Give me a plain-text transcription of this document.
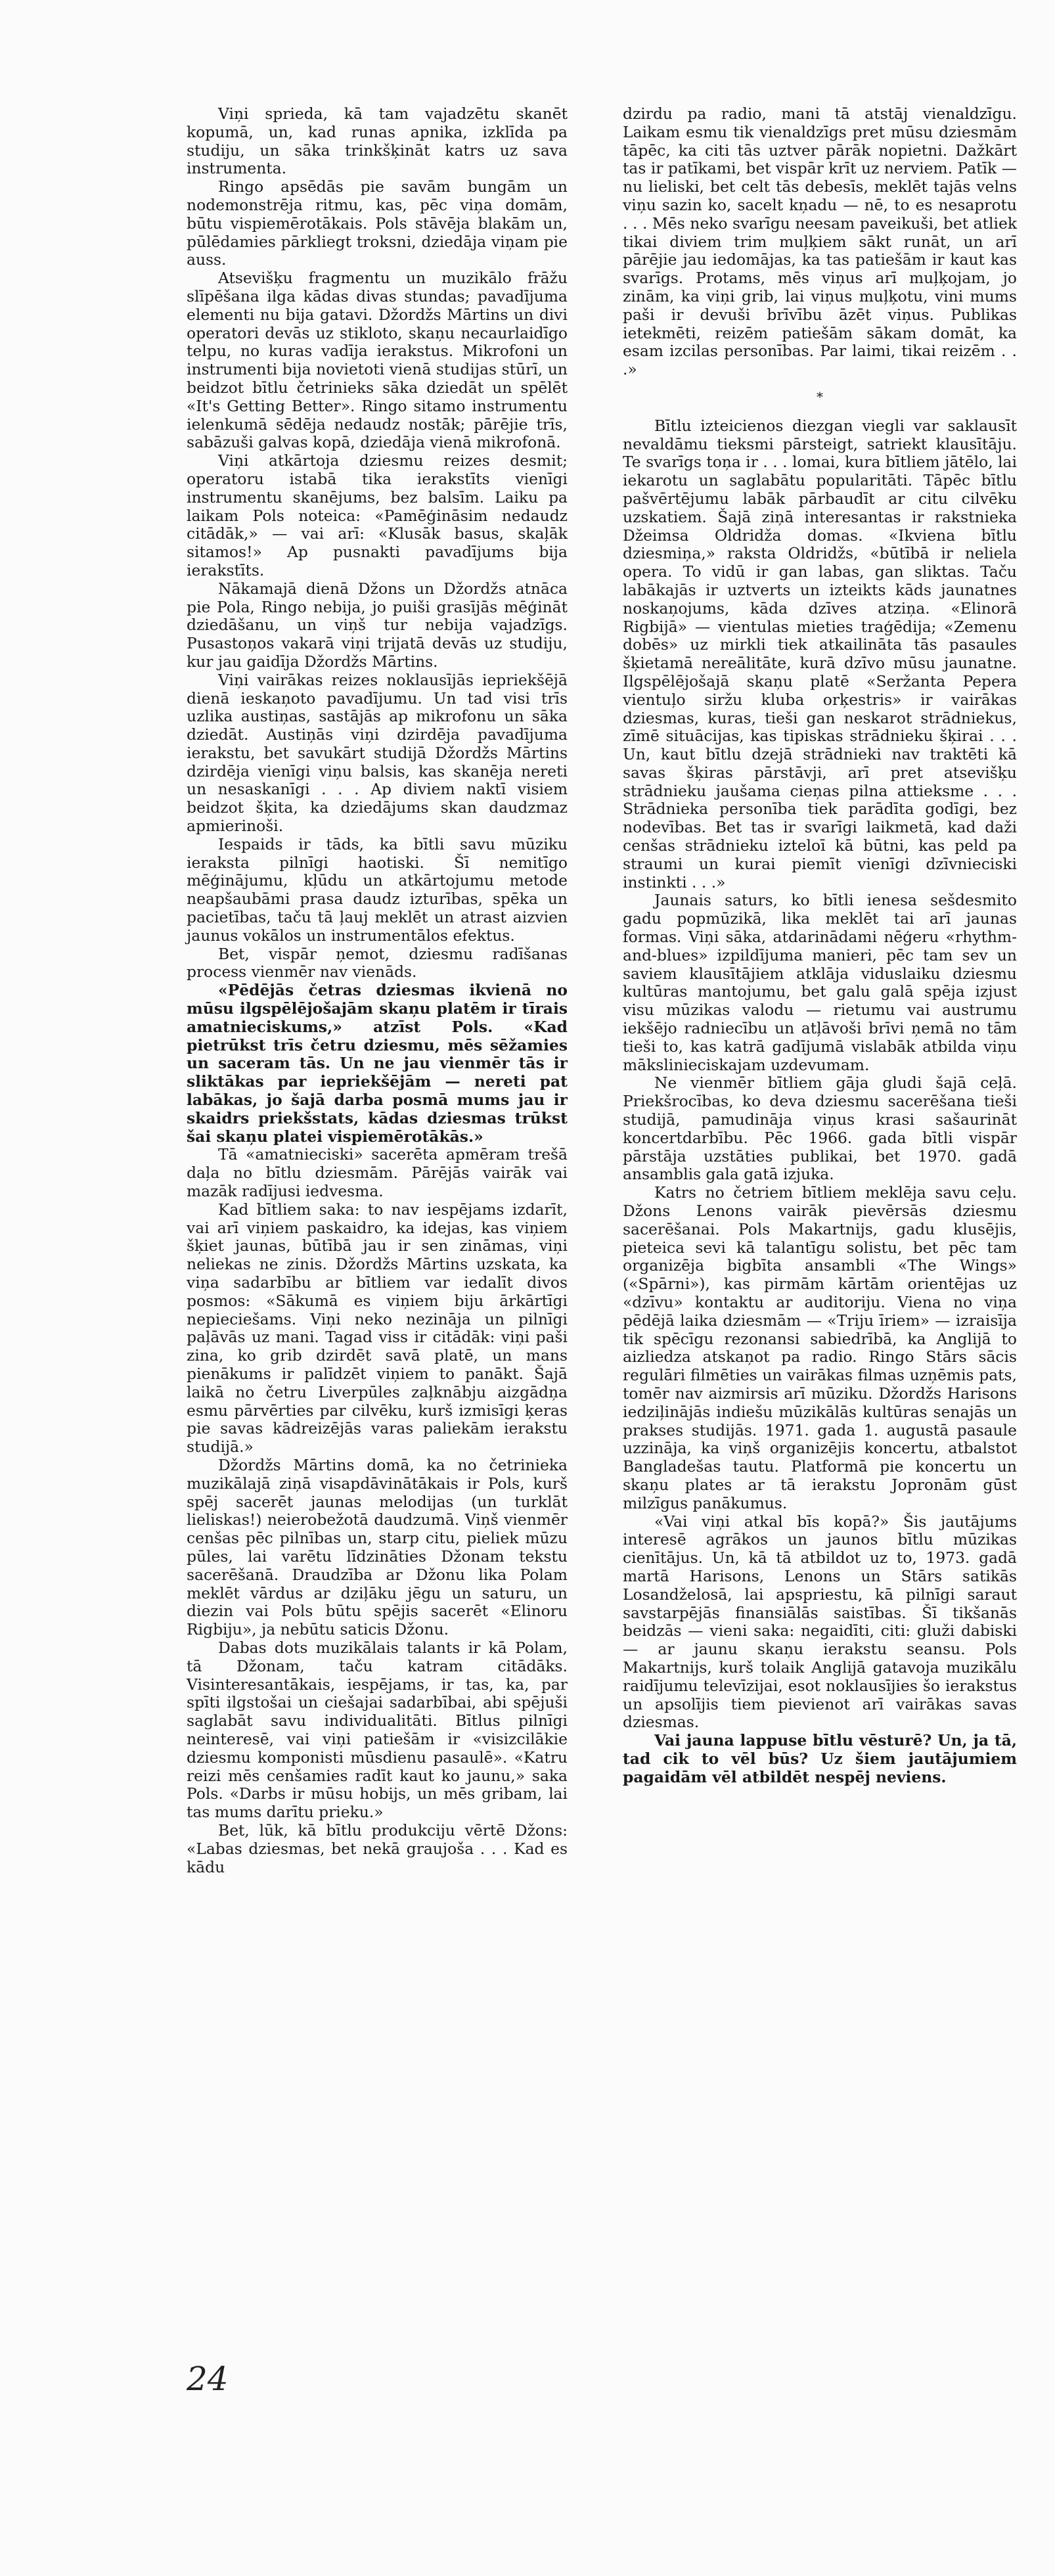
Viņi sprieda, kā tam vajadzētu skanēt kopumā, un, kad runas apnika, izklīda pa studiju, un sāka trinkšķināt katrs uz sava instrumenta.

Ringo apsēdās pie savām bungām un nodemonstrēja ritmu, kas, pēc viņa domām, būtu vispiemērotākais. Pols stāvēja blakām un, pūlēdamies pārkliegt troksni, dziedāja viņam pie auss.

Atsevišķu fragmentu un muzikālo frāžu slīpēšana ilga kādas divas stundas; pavadījuma elementi nu bija gatavi. Džordžs Mārtins un divi operatori devās uz stikloto, skaņu necaurlaidīgo telpu, no kuras vadīja ierakstus. Mikrofoni un instrumenti bija novietoti vienā studijas stūrī, un beidzot bītlu četrinieks sāka dziedāt un spēlēt «It's Getting Better». Ringo sitamo instrumentu ielenkumā sēdēja nedaudz nostāk; pārējie trīs, sabāzuši galvas kopā, dziedāja vienā mikrofonā.

Viņi atkārtoja dziesmu reizes desmit; operatoru istabā tika ierakstīts vienīgi instrumentu skanējums, bez balsīm. Laiku pa laikam Pols noteica: «Pamēģināsim nedaudz citādāk,» — vai arī: «Klusāk basus, skaļāk sitamos!» Ap pusnakti pavadījums bija ierakstīts.

Nākamajā dienā Džons un Džordžs atnāca pie Pola, Ringo nebija, jo puiši grasījās mēģināt dziedāšanu, un viņš tur nebija vajadzīgs. Pusastoņos vakarā viņi trijatā devās uz studiju, kur jau gaidīja Džordžs Mārtins.

Viņi vairākas reizes noklausījās iepriekšējā dienā ieskaņoto pavadījumu. Un tad visi trīs uzlika austiņas, sastājās ap mikrofonu un sāka dziedāt. Austiņās viņi dzirdēja pavadījuma ierakstu, bet savukārt studijā Džordžs Mārtins dzirdēja vienīgi viņu balsis, kas skanēja nereti un nesaskanīgi . . . Ap diviem naktī visiem beidzot šķita, ka dziedājums skan daudzmaz apmierinoši.

Iespaids ir tāds, ka bītli savu mūziku ieraksta pilnīgi haotiski. Šī nemitīgo mēģinājumu, kļūdu un atkārtojumu metode neapšaubāmi prasa daudz izturības, spēka un pacietības, taču tā ļauj meklēt un atrast aizvien jaunus vokālos un instrumentālos efektus.

Bet, vispār ņemot, dziesmu radīšanas process vienmēr nav vienāds.

«Pēdējās četras dziesmas ikvienā no mūsu ilgspēlējošajām skaņu platēm ir tīrais amatnieciskums,» atzīst Pols. «Kad pietrūkst trīs četru dziesmu, mēs sēžamies un saceram tās. Un ne jau vienmēr tās ir sliktākas par iepriekšējām — nereti pat labākas, jo šajā darba posmā mums jau ir skaidrs priekšstats, kādas dziesmas trūkst šai skaņu platei vispiemērotākās.»

Tā «amatnieciski» sacerēta apmēram trešā daļa no bītlu dziesmām. Pārējās vairāk vai mazāk radījusi iedvesma.

Kad bītliem saka: to nav iespējams izdarīt, vai arī viņiem paskaidro, ka idejas, kas viņiem šķiet jaunas, būtībā jau ir sen zināmas, viņi neliekas ne zinis. Džordžs Mārtins uzskata, ka viņa sadarbību ar bītliem var iedalīt divos posmos: «Sākumā es viņiem biju ārkārtīgi nepieciešams. Viņi neko nezināja un pilnīgi paļāvās uz mani. Tagad viss ir citādāk: viņi paši zina, ko grib dzirdēt savā platē, un mans pienākums ir palīdzēt viņiem to panākt. Šajā laikā no četru Liverpūles zaļknābju aizgādņa esmu pārvērties par cilvēku, kurš izmisīgi ķeras pie savas kādreizējās varas paliekām ierakstu studijā.»

Džordžs Mārtins domā, ka no četrinieka muzikālajā ziņā visapdāvinātākais ir Pols, kurš spēj sacerēt jaunas melodijas (un turklāt lieliskas!) neierobežotā daudzumā. Viņš vienmēr cenšas pēc pilnības un, starp citu, pieliek mūzu pūles, lai varētu līdzināties Džonam tekstu sacerēšanā. Draudzība ar Džonu lika Polam meklēt vārdus ar dziļāku jēgu un saturu, un diezin vai Pols būtu spējis sacerēt «Elinoru Rigbiju», ja nebūtu saticis Džonu.

Dabas dots muzikālais talants ir kā Polam, tā Džonam, taču katram citādāks. Visinteresantākais, iespējams, ir tas, ka, par spīti ilgstošai un ciešajai sadarbībai, abi spējuši saglabāt savu individualitāti. Bītlus pilnīgi neinteresē, vai viņi patiešām ir «visizcilākie dziesmu komponisti mūsdienu pasaulē». «Katru reizi mēs cenšamies radīt kaut ko jaunu,» saka Pols. «Darbs ir mūsu hobijs, un mēs gribam, lai tas mums darītu prieku.»

Bet, lūk, kā bītlu produkciju vērtē Džons: «Labas dziesmas, bet nekā graujoša . . . Kad es kādu

dzirdu pa radio, mani tā atstāj vienaldzīgu. Laikam esmu tik vienaldzīgs pret mūsu dziesmām tāpēc, ka citi tās uztver pārāk nopietni. Dažkārt tas ir patīkami, bet vispār krīt uz nerviem. Patīk — nu lieliski, bet celt tās debesīs, meklēt tajās velns viņu sazin ko, sacelt kņadu — nē, to es nesaprotu . . . Mēs neko svarīgu neesam paveikuši, bet atliek tikai diviem trim muļķiem sākt runāt, un arī pārējie jau iedomājas, ka tas patiešām ir kaut kas svarīgs. Protams, mēs viņus arī muļķojam, jo zinām, ka viņi grib, lai viņus muļķotu, vini mums paši ir devuši brīvību āzēt viņus. Publikas ietekmēti, reizēm patiešām sākam domāt, ka esam izcilas personības. Par laimi, tikai reizēm . . .»

*

Bītlu izteicienos diezgan viegli var saklausīt nevaldāmu tieksmi pārsteigt, satriekt klausītāju. Te svarīgs toņa ir . . . lomai, kura bītliem jātēlo, lai iekarotu un saglabātu popularitāti. Tāpēc bītlu pašvērtējumu labāk pārbaudīt ar citu cilvēku uzskatiem. Šajā ziņā interesantas ir rakstnieka Džeimsa Oldridža domas. «Ikviena bītlu dziesmiņa,» raksta Oldridžs, «būtībā ir neliela opera. To vidū ir gan labas, gan sliktas. Taču labākajās ir uztverts un izteikts kāds jaunatnes noskaņojums, kāda dzīves atziņa. «Elinorā Rigbijā» — vientulas mieties traģēdija; «Zemenu dobēs» uz mirkli tiek atkailināta tās pasaules šķietamā nereālitāte, kurā dzīvo mūsu jaunatne. Ilgspēlējošajā skaņu platē «Seržanta Pepera vientuļo siržu kluba orķestris» ir vairākas dziesmas, kuras, tieši gan neskarot strādniekus, zīmē situācijas, kas tipiskas strādnieku šķirai . . . Un, kaut bītlu dzejā strādnieki nav traktēti kā savas šķiras pārstāvji, arī pret atsevišķu strādnieku jaušama cieņas pilna attieksme . . . Strādnieka personība tiek parādīta godīgi, bez nodevības. Bet tas ir svarīgi laikmetā, kad daži cenšas strādnieku izteloī kā būtni, kas peld pa straumi un kurai piemīt vienīgi dzīvnieciski instinkti . . .»

Jaunais saturs, ko bītli ienesa sešdesmito gadu popmūzikā, lika meklēt tai arī jaunas formas. Viņi sāka, atdarinādami nēģeru «rhythm-and-blues» izpildījuma manieri, pēc tam sev un saviem klausītājiem atklāja viduslaiku dziesmu kultūras mantojumu, bet galu galā spēja izjust visu mūzikas valodu — rietumu vai austrumu iekšējo radniecību un atļāvoši brīvi ņemā no tām tieši to, kas katrā gadījumā vislabāk atbilda viņu mākslinieciskajam uzdevumam.

Ne vienmēr bītliem gāja gludi šajā ceļā. Priekšrocības, ko deva dziesmu sacerēšana tieši studijā, pamudināja viņus krasi sašaurināt koncertdarbību. Pēc 1966. gada bītli vispār pārstāja uzstāties publikai, bet 1970. gadā ansamblis gala gatā izjuka.

Katrs no četriem bītliem meklēja savu ceļu. Džons Lenons vairāk pievērsās dziesmu sacerēšanai. Pols Makartnijs, gadu klusējis, pieteica sevi kā talantīgu solistu, bet pēc tam organizēja bigbīta ansambli «The Wings» («Spārni»), kas pirmām kārtām orientējas uz «dzīvu» kontaktu ar auditoriju. Viena no viņa pēdējā laika dziesmām — «Triju īriem» — izraisīja tik spēcīgu rezonansi sabiedrībā, ka Anglijā to aizliedza atskaņot pa radio. Ringo Stārs sācis regulāri filmēties un vairākas filmas uzņēmis pats, tomēr nav aizmirsis arī mūziku. Džordžs Harisons iedziļinājās indiešu mūzikālās kultūras senajās un prakses studijās. 1971. gada 1. augustā pasaule uzzināja, ka viņš organizējis koncertu, atbalstot Bangladešas tautu. Platformā pie koncertu un skaņu plates ar tā ierakstu Jopronām gūst milzīgus panākumus.

«Vai viņi atkal bīs kopā?» Šis jautājums interesē agrākos un jaunos bītlu mūzikas cienītājus. Un, kā tā atbildot uz to, 1973. gadā martā Harisons, Lenons un Stārs satikās Losandželosā, lai apspriestu, kā pilnīgi saraut savstarpējās finansiālās saistības. Šī tikšanās beidzās — vieni saka: negaidīti, citi: gluži dabiski — ar jaunu skaņu ierakstu seansu. Pols Makartnijs, kurš tolaik Anglijā gatavoja muzikālu raidījumu televīzijai, esot noklausījies šo ierakstus un apsolījis tiem pievienot arī vairākas savas dziesmas.

Vai jauna lappuse bītlu vēsturē? Un, ja tā, tad cik to vēl būs? Uz šiem jautājumiem pagaidām vēl atbildēt nespēj neviens.

24
